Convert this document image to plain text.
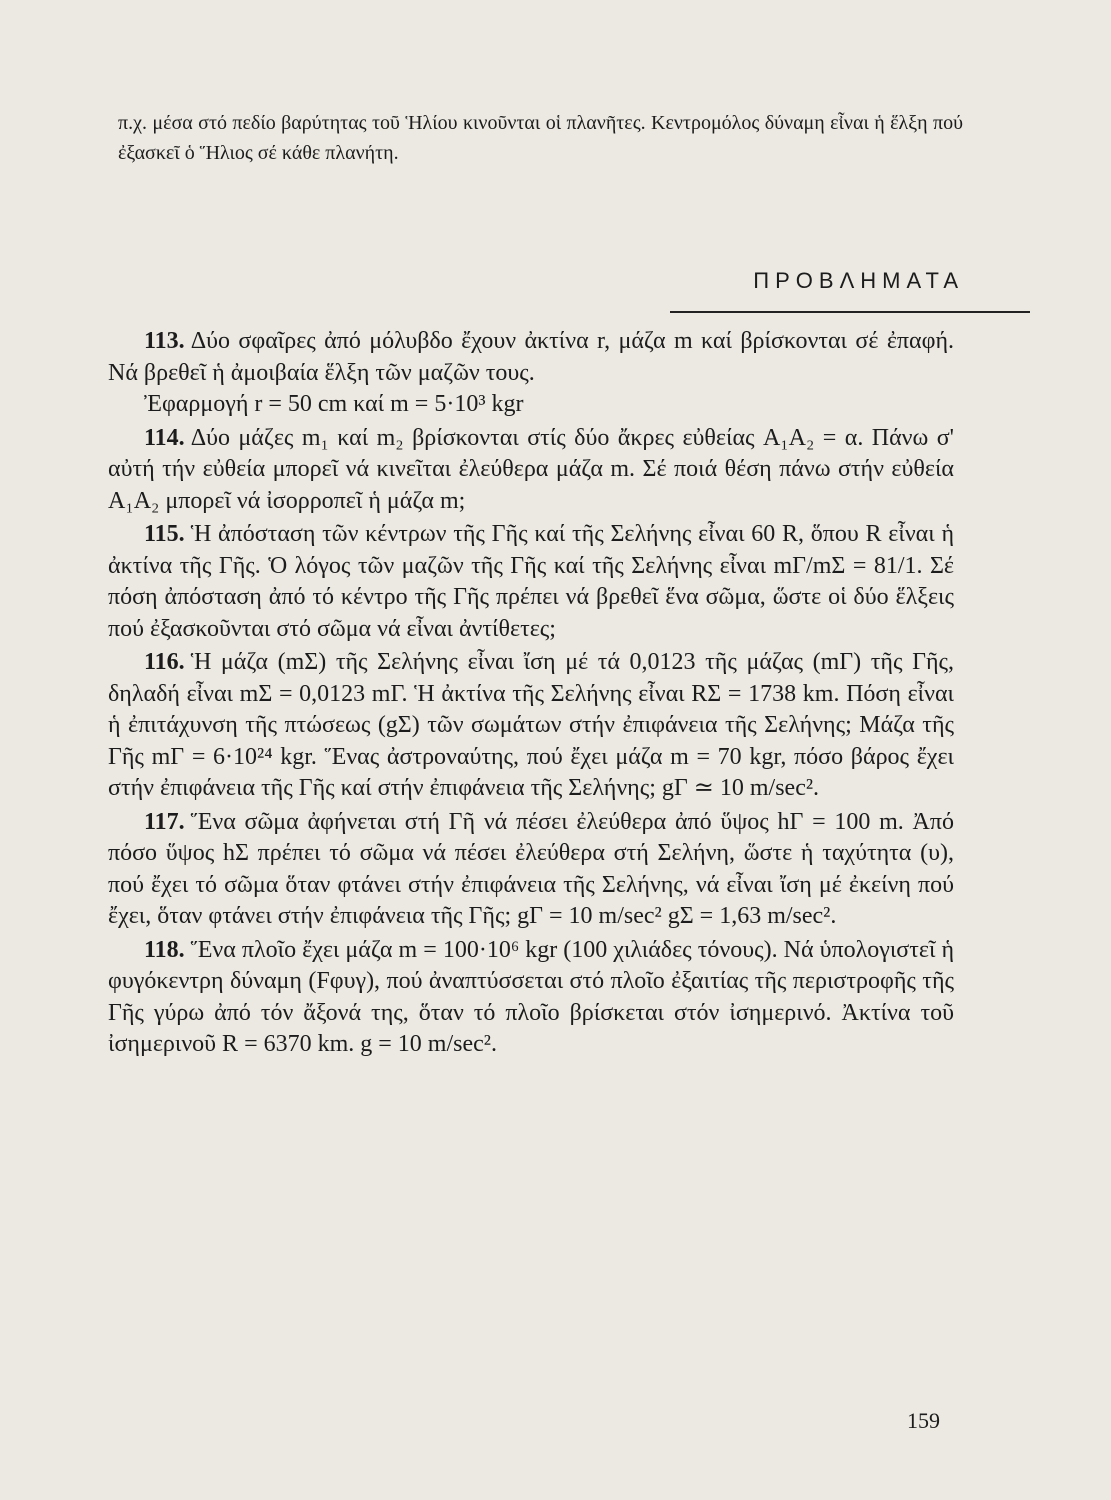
π.χ. μέσα στό πεδίο βαρύτητας τοῦ Ἡλίου κινοῦνται οἱ πλανῆτες. Κεντρομόλος δύναμη εἶναι ἡ ἕλξη πού ἐξασκεῖ ὁ Ἥλιος σέ κάθε πλανήτη.
ΠΡΟΒΛΗΜΑΤΑ
113. Δύο σφαῖρες ἀπό μόλυβδο ἔχουν ἀκτίνα r, μάζα m καί βρίσκονται σέ ἐπαφή. Νά βρεθεῖ ἡ ἀμοιβαία ἕλξη τῶν μαζῶν τους.
Ἐφαρμογή r = 50 cm καί m = 5·10³ kgr
114. Δύο μάζες m₁ καί m₂ βρίσκονται στίς δύο ἄκρες εὐθείας A₁A₂ = α. Πάνω σ' αὐτή τήν εὐθεία μπορεῖ νά κινεῖται ἐλεύθερα μάζα m. Σέ ποιά θέση πάνω στήν εὐθεία A₁A₂ μπορεῖ νά ἰσορροπεῖ ἡ μάζα m;
115. Ἡ ἀπόσταση τῶν κέντρων τῆς Γῆς καί τῆς Σελήνης εἶναι 60 R, ὅπου R εἶναι ἡ ἀκτίνα τῆς Γῆς. Ὁ λόγος τῶν μαζῶν τῆς Γῆς καί τῆς Σελήνης εἶναι mΓ/mΣ = 81/1. Σέ πόση ἀπόσταση ἀπό τό κέντρο τῆς Γῆς πρέπει νά βρεθεῖ ἕνα σῶμα, ὥστε οἱ δύο ἕλξεις πού ἐξασκοῦνται στό σῶμα νά εἶναι ἀντίθετες;
116. Ἡ μάζα (mΣ) τῆς Σελήνης εἶναι ἴση μέ τά 0,0123 τῆς μάζας (mΓ) τῆς Γῆς, δηλαδή εἶναι mΣ = 0,0123 mΓ. Ἡ ἀκτίνα τῆς Σελήνης εἶναι RΣ = 1738 km. Πόση εἶναι ἡ ἐπιτάχυνση τῆς πτώσεως (gΣ) τῶν σωμάτων στήν ἐπιφάνεια τῆς Σελήνης; Μάζα τῆς Γῆς mΓ = 6·10²⁴ kgr. Ἕνας ἀστροναύτης, πού ἔχει μάζα m = 70 kgr, πόσο βάρος ἔχει στήν ἐπιφάνεια τῆς Γῆς καί στήν ἐπιφάνεια τῆς Σελήνης; gΓ ≃ 10 m/sec².
117. Ἕνα σῶμα ἀφήνεται στή Γῆ νά πέσει ἐλεύθερα ἀπό ὕψος hΓ = 100 m. Ἀπό πόσο ὕψος hΣ πρέπει τό σῶμα νά πέσει ἐλεύθερα στή Σελήνη, ὥστε ἡ ταχύτητα (υ), πού ἔχει τό σῶμα ὅταν φτάνει στήν ἐπιφάνεια τῆς Σελήνης, νά εἶναι ἴση μέ ἐκείνη πού ἔχει, ὅταν φτάνει στήν ἐπιφάνεια τῆς Γῆς; gΓ = 10 m/sec² gΣ = 1,63 m/sec².
118. Ἕνα πλοῖο ἔχει μάζα m = 100·10⁶ kgr (100 χιλιάδες τόνους). Νά ὑπολογιστεῖ ἡ φυγόκεντρη δύναμη (Fφυγ), πού ἀναπτύσσεται στό πλοῖο ἐξαιτίας τῆς περιστροφῆς τῆς Γῆς γύρω ἀπό τόν ἄξονά της, ὅταν τό πλοῖο βρίσκεται στόν ἰσημερινό. Ἀκτίνα τοῦ ἰσημερινοῦ R = 6370 km. g = 10 m/sec².
159
